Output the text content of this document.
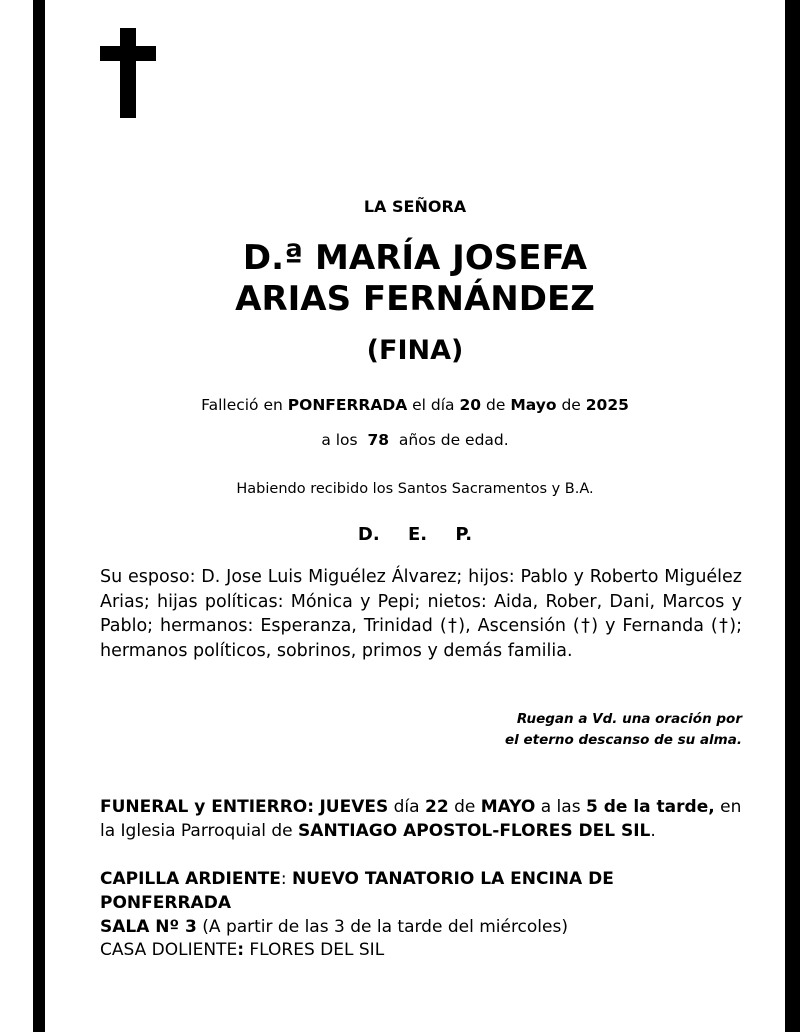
LA SEÑORA
D.ª MARÍA JOSEFA
ARIAS FERNÁNDEZ
(FINA)
Falleció en PONFERRADA el día 20 de Mayo de 2025
a los 78 años de edad.
Habiendo recibido los Santos Sacramentos y B.A.
D. E. P.

Su esposo: D. Jose Luis Miguélez Álvarez; hijos: Pablo y Roberto Miguélez Arias; hijas políticas: Mónica y Pepi; nietos: Aida, Rober, Dani, Marcos y Pablo; hermanos: Esperanza, Trinidad (†), Ascensión (†) y Fernanda (†); hermanos políticos, sobrinos, primos y demás familia.

Ruegan a Vd. una oración por
el eterno descanso de su alma.
FUNERAL y ENTIERRO: JUEVES día 22 de MAYO a las 5 de la tarde, en
la Iglesia Parroquial de SANTIAGO APOSTOL-FLORES DEL SIL.
CAPILLA ARDIENTE: NUEVO TANATORIO LA ENCINA DE PONFERRADA
SALA Nº 3 (A partir de las 3 de la tarde del miércoles)
CASA DOLIENTE: FLORES DEL SIL
